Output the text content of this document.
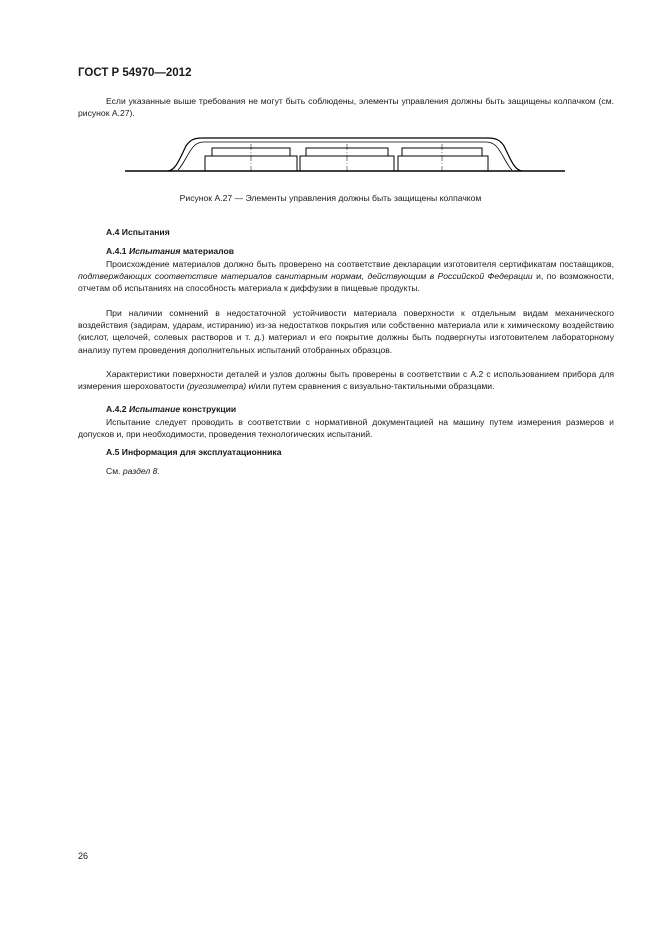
ГОСТ Р 54970—2012
Если указанные выше требования не могут быть соблюдены, элементы управления должны быть защищены колпачком (см. рисунок А.27).
Рисунок А.27 — Элементы управления должны быть защищены колпачком
А.4 Испытания
А.4.1 Испытания материалов
Происхождение материалов должно быть проверено на соответствие декларации изготовителя сертификатам поставщиков, подтверждающих соответствие материалов санитарным нормам, действующим в Российской Федерации и, по возможности, отчетам об испытаниях на способность материала к диффузии в пищевые продукты.
При наличии сомнений в недостаточной устойчивости материала поверхности к отдельным видам механического воздействия (задирам, ударам, истиранию) из-за недостатков покрытия или собственно материала или к химическому воздействию (кислот, щелочей, солевых растворов и т. д.) материал и его покрытие должны быть подвергнуты изготовителем лабораторному анализу путем проведения дополнительных испытаний отобранных образцов.
Характеристики поверхности деталей и узлов должны быть проверены в соответствии с А.2 с использованием прибора для измерения шероховатости (ругозиметра) и/или путем сравнения с визуально-тактильными образцами.
А.4.2 Испытание конструкции
Испытание следует проводить в соответствии с нормативной документацией на машину путем измерения размеров и допусков и, при необходимости, проведения технологических испытаний.
А.5 Информация для эксплуатационника
См. раздел 8.
26
